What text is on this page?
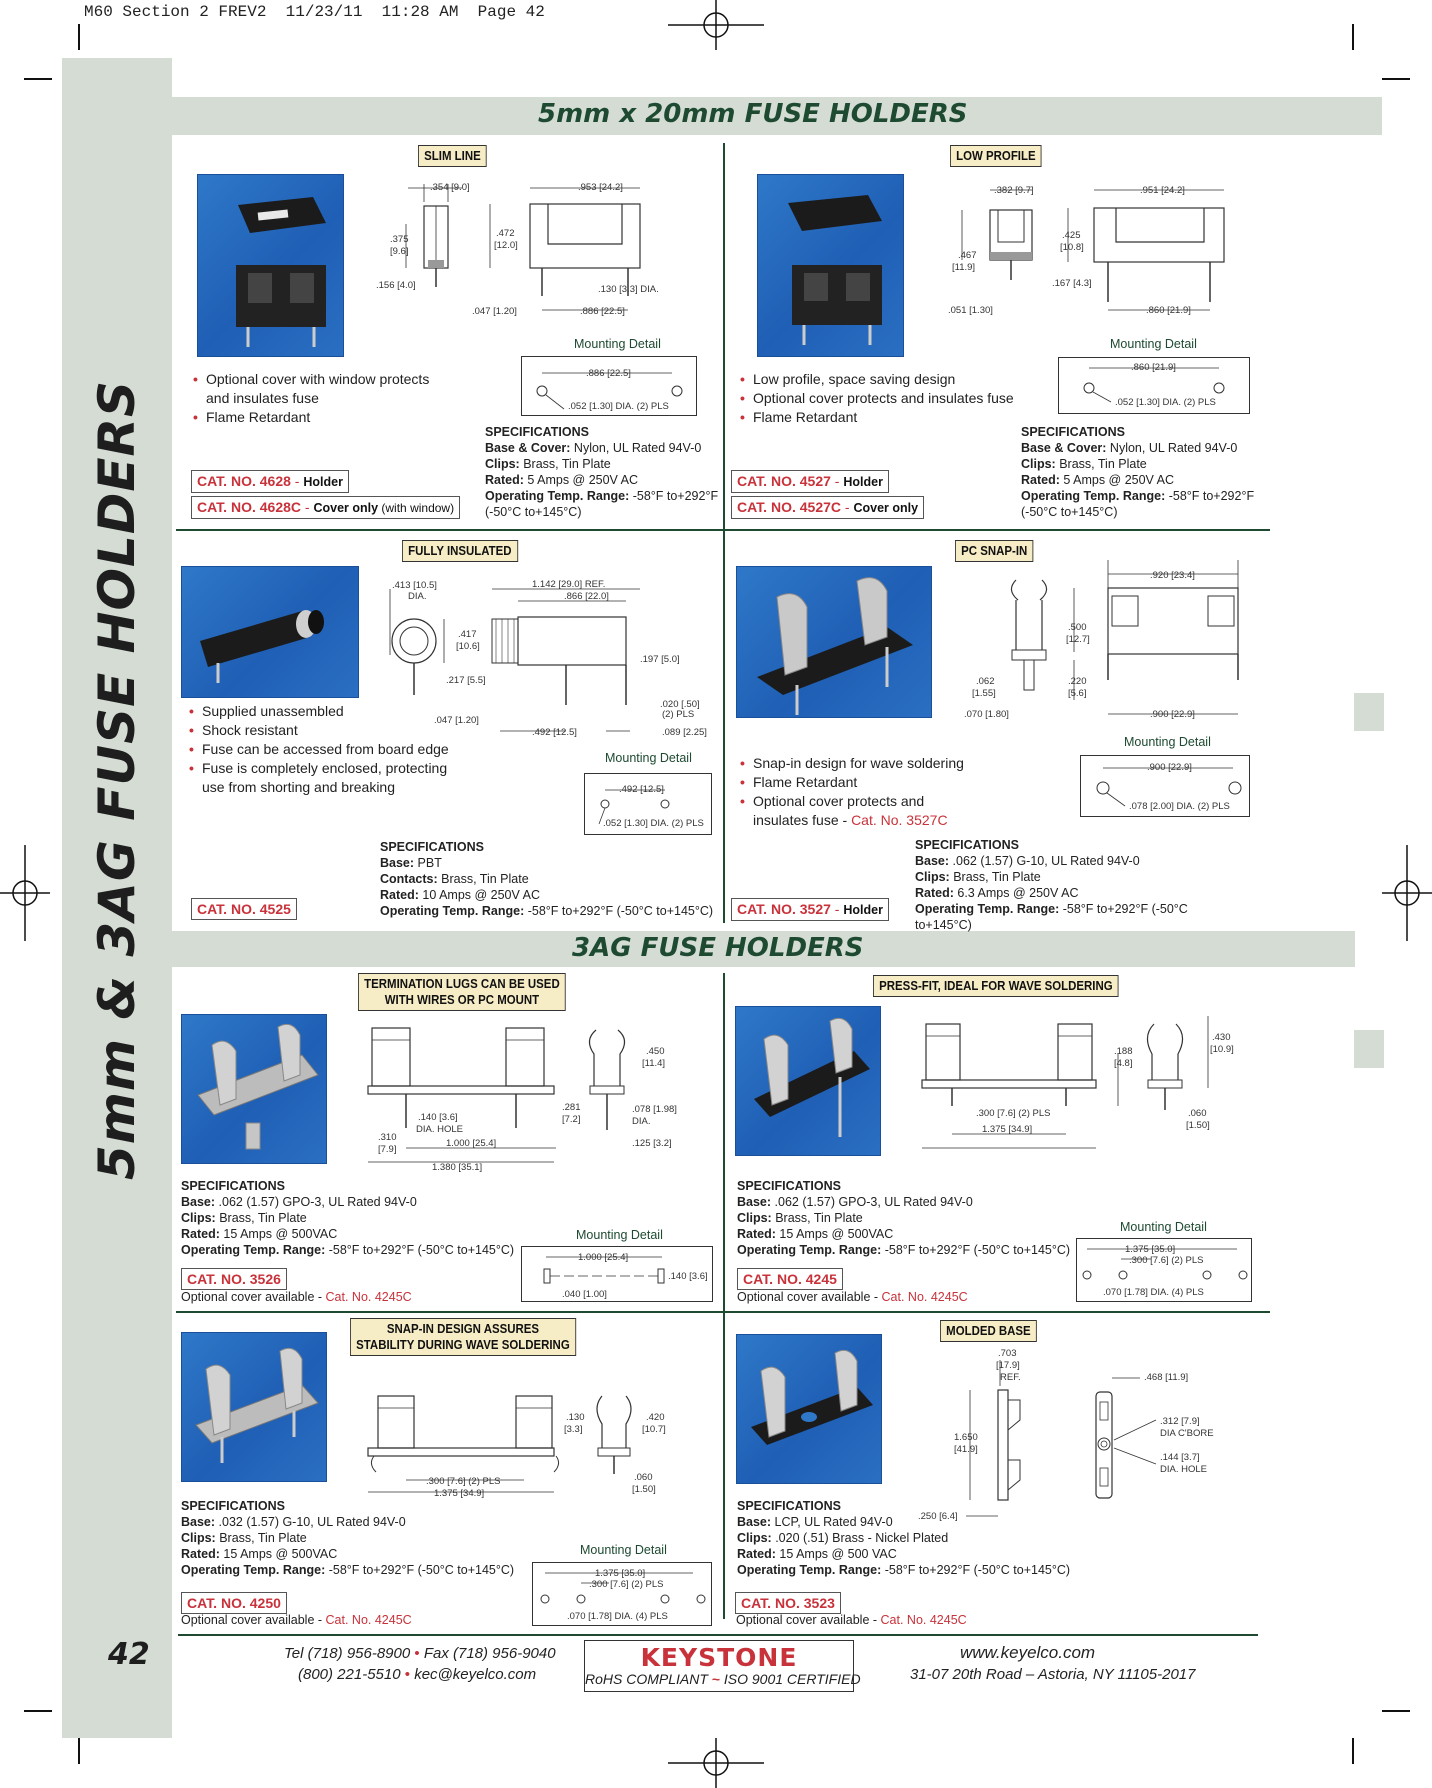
M60 Section 2 FREV2  11/23/11  11:28 AM  Page 42
5mm & 3AG FUSE HOLDERS
42
5mm x 20mm FUSE HOLDERS
3AG FUSE HOLDERS
SLIM LINE
.354 [9.0]	.953 [24.2]
.375
[9.6]
.472
[12.0]
.156 [4.0]	.130 [3.3] DIA.
.047 [1.20]	.886 [22.5]
Mounting Detail
.886 [22.5]
.052 [1.30] DIA. (2) PLS
• Optional cover with window protects
and insulates fuse
• Flame Retardant
SPECIFICATIONS
Base & Cover: Nylon, UL Rated 94V-0
Clips: Brass, Tin Plate
Rated: 5 Amps @ 250V AC
Operating Temp. Range: -58°F to+292°F
(-50°C to+145°C)
CAT. NO. 4628 - Holder
CAT. NO. 4628C - Cover only (with window)
LOW PROFILE
.382 [9.7]	.951 [24.2]
.425
[10.8]
.467
[11.9]
.167 [4.3]
.051 [1.30]	.860 [21.9]
Mounting Detail
.860 [21.9]
.052 [1.30] DIA. (2) PLS
• Low profile, space saving design
• Optional cover protects and insulates fuse
• Flame Retardant
SPECIFICATIONS
Base & Cover: Nylon, UL Rated 94V-0
Clips: Brass, Tin Plate
Rated: 5 Amps @ 250V AC
Operating Temp. Range: -58°F to+292°F
(-50°C to+145°C)
CAT. NO. 4527 - Holder
CAT. NO. 4527C - Cover only
FULLY INSULATED
.413 [10.5]
DIA.
1.142 [29.0] REF.
.866 [22.0]
.417
[10.6]
.197 [5.0]
.217 [5.5]
.020 [.50]
(2) PLS
.047 [1.20]
.492 [12.5]	.089 [2.25]
• Supplied unassembled
• Shock resistant
• Fuse can be accessed from board edge
• Fuse is completely enclosed, protecting
use from shorting and breaking
Mounting Detail
.492 [12.5]
.052 [1.30] DIA. (2) PLS
SPECIFICATIONS
Base: PBT
Contacts: Brass, Tin Plate
Rated: 10 Amps @ 250V AC
Operating Temp. Range: -58°F to+292°F (-50°C to+145°C)
CAT. NO. 4525
PC SNAP-IN
.920 [23.4]
.500
[12.7]
.062
[1.55]
.220
[5.6]
.070 [1.80]	.900 [22.9]
Mounting Detail
.900 [22.9]
.078 [2.00] DIA. (2) PLS
• Snap-in design for wave soldering
• Flame Retardant
• Optional cover protects and
insulates fuse - Cat. No. 3527C
SPECIFICATIONS
Base: .062 (1.57) G-10, UL Rated 94V-0
Clips: Brass, Tin Plate
Rated: 6.3 Amps @ 250V AC
Operating Temp. Range: -58°F to+292°F (-50°C to+145°C)
CAT. NO. 3527 - Holder
TERMINATION LUGS CAN BE USED
WITH WIRES OR PC MOUNT
.450
[11.4]
.281
[7.2]
.078 [1.98]
DIA.
.140 [3.6]
DIA. HOLE
.310
[7.9]
1.000 [25.4]	.125 [3.2]
1.380 [35.1]
SPECIFICATIONS
Base: .062 (1.57) GPO-3, UL Rated 94V-0
Clips: Brass, Tin Plate
Rated: 15 Amps @ 500VAC
Operating Temp. Range: -58°F to+292°F (-50°C to+145°C)
Mounting Detail
1.000 [25.4]
.140 [3.6]
.040 [1.00]
CAT. NO. 3526
Optional cover available - Cat. No. 4245C
PRESS-FIT, IDEAL FOR WAVE SOLDERING
.430
[10.9]
.188
[4.8]
.060
[1.50]
.300 [7.6] (2) PLS
1.375 [34.9]
SPECIFICATIONS
Base: .062 (1.57) GPO-3, UL Rated 94V-0
Clips: Brass, Tin Plate
Rated: 15 Amps @ 500VAC
Operating Temp. Range: -58°F to+292°F (-50°C to+145°C)
Mounting Detail
1.375 [35.0]
.300 [7.6] (2) PLS
.070 [1.78] DIA. (4) PLS
CAT. NO. 4245
Optional cover available - Cat. No. 4245C
SNAP-IN DESIGN ASSURES
STABILITY DURING WAVE SOLDERING
.130
[3.3]
.420
[10.7]
.060
[1.50]
.300 [7.6] (2) PLS
1.375 [34.9]
SPECIFICATIONS
Base: .032 (1.57) G-10, UL Rated 94V-0
Clips: Brass, Tin Plate
Rated: 15 Amps @ 500VAC
Operating Temp. Range: -58°F to+292°F (-50°C to+145°C)
Mounting Detail
1.375 [35.0]
.300 [7.6] (2) PLS
.070 [1.78] DIA. (4) PLS
CAT. NO. 4250
Optional cover available - Cat. No. 4245C
MOLDED BASE
.703
[17.9]
REF.	.468 [11.9]
.312 [7.9]
DIA C'BORE
1.650
[41.9]
.144 [3.7]
DIA. HOLE
.250 [6.4]
SPECIFICATIONS
Base: LCP, UL Rated 94V-0
Clips: .020 (.51) Brass - Nickel Plated
Rated: 15 Amps @ 500 VAC
Operating Temp. Range: -58°F to+292°F (-50°C to+145°C)
CAT. NO. 3523
Optional cover available - Cat. No. 4245C
Tel (718) 956-8900 • Fax (718) 956-9040
(800) 221-5510 • kec@keyelco.com
KEYSTONE
RoHS COMPLIANT ~ ISO 9001 CERTIFIED
www.keyelco.com
31-07 20th Road – Astoria, NY 11105-2017
